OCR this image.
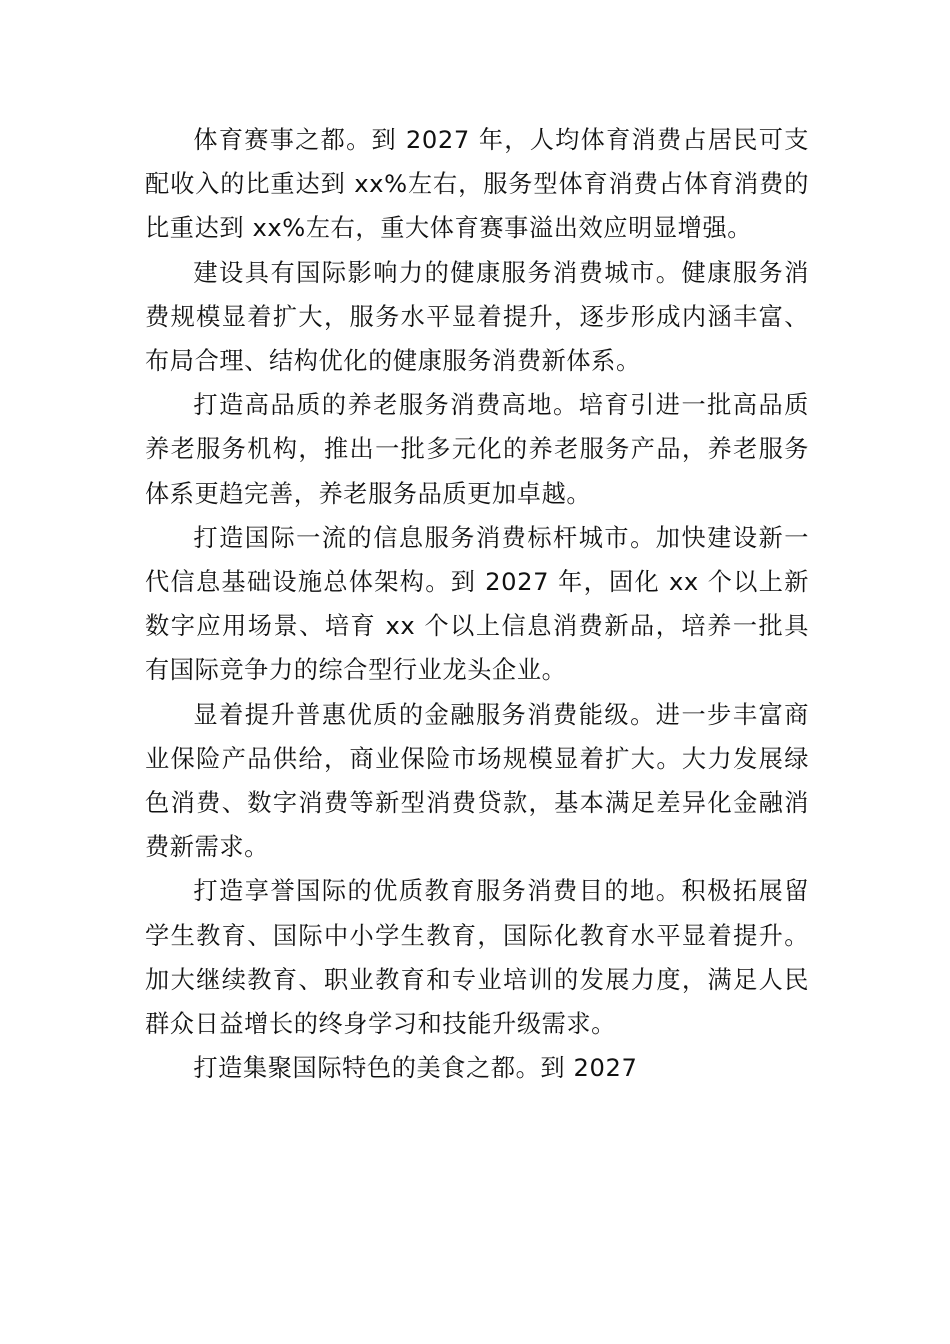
体育赛事之都。到 2027 年，人均体育消费占居民可支配收入的比重达到 xx%左右，服务型体育消费占体育消费的比重达到 xx%左右，重大体育赛事溢出效应明显增强。

建设具有国际影响力的健康服务消费城市。健康服务消费规模显着扩大，服务水平显着提升，逐步形成内涵丰富、布局合理、结构优化的健康服务消费新体系。

打造高品质的养老服务消费高地。培育引进一批高品质养老服务机构，推出一批多元化的养老服务产品，养老服务体系更趋完善，养老服务品质更加卓越。

打造国际一流的信息服务消费标杆城市。加快建设新一代信息基础设施总体架构。到 2027 年，固化 xx 个以上新数字应用场景、培育 xx 个以上信息消费新品，培养一批具有国际竞争力的综合型行业龙头企业。

显着提升普惠优质的金融服务消费能级。进一步丰富商业保险产品供给，商业保险市场规模显着扩大。大力发展绿色消费、数字消费等新型消费贷款，基本满足差异化金融消费新需求。

打造享誉国际的优质教育服务消费目的地。积极拓展留学生教育、国际中小学生教育，国际化教育水平显着提升。加大继续教育、职业教育和专业培训的发展力度，满足人民群众日益增长的终身学习和技能升级需求。

打造集聚国际特色的美食之都。到 2027
